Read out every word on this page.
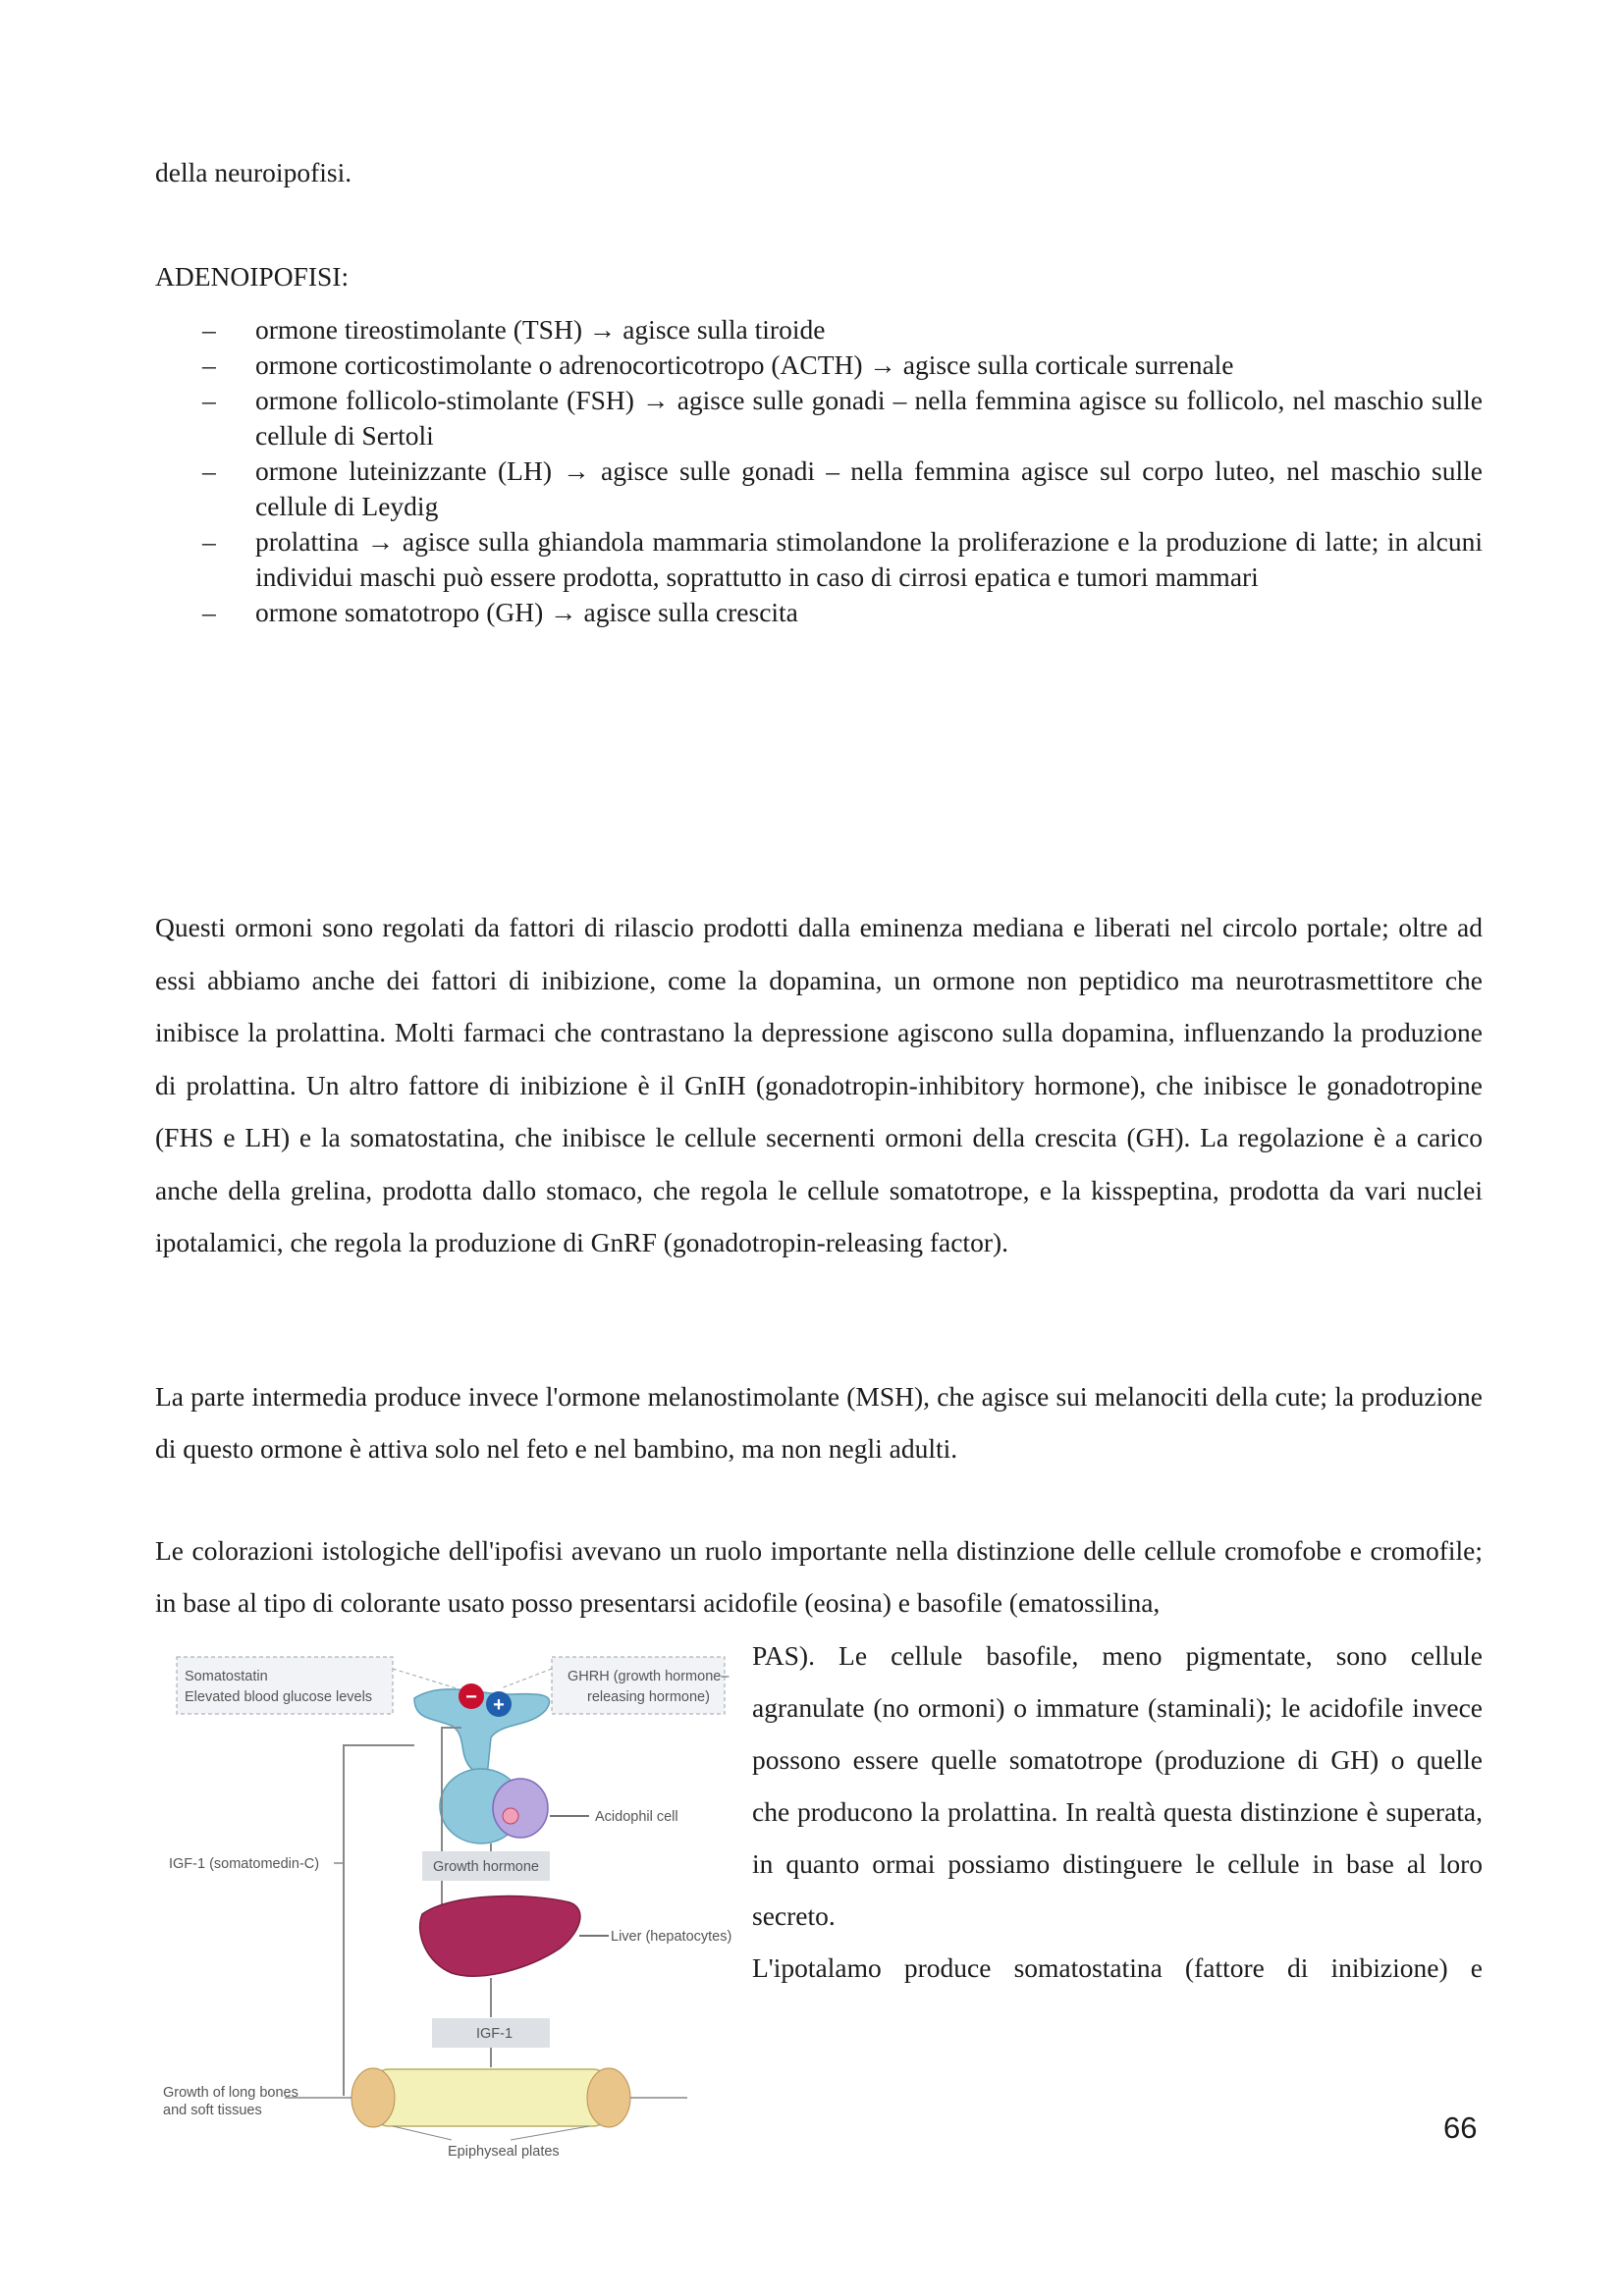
della neuroipofisi.

ADENOIPOFISI:

– ormone tireostimolante (TSH) → agisce sulla tiroide
– ormone corticostimolante o adrenocorticotropo (ACTH) → agisce sulla corticale surrenale
– ormone follicolo-stimolante (FSH) → agisce sulle gonadi – nella femmina agisce su follicolo, nel maschio sulle cellule di Sertoli
– ormone luteinizzante (LH) → agisce sulle gonadi – nella femmina agisce sul corpo luteo, nel maschio sulle cellule di Leydig
– prolattina → agisce sulla ghiandola mammaria stimolandone la proliferazione e la produzione di latte; in alcuni individui maschi può essere prodotta, soprattutto in caso di cirrosi epatica e tumori mammari
– ormone somatotropo (GH) → agisce sulla crescita

Questi ormoni sono regolati da fattori di rilascio prodotti dalla eminenza mediana e liberati nel circolo portale; oltre ad essi abbiamo anche dei fattori di inibizione, come la dopamina, un ormone non peptidico ma neurotrasmettitore che inibisce la prolattina. Molti farmaci che contrastano la depressione agiscono sulla dopamina, influenzando la produzione di prolattina. Un altro fattore di inibizione è il GnIH (gonadotropin-inhibitory hormone), che inibisce le gonadotropine (FHS e LH) e la somatostatina, che inibisce le cellule secernenti ormoni della crescita (GH). La regolazione è a carico anche della grelina, prodotta dallo stomaco, che regola le cellule somatotrope, e la kisspeptina, prodotta da vari nuclei ipotalamici, che regola la produzione di GnRF (gonadotropin-releasing factor).

La parte intermedia produce invece l'ormone melanostimolante (MSH), che agisce sui melanociti della cute; la produzione di questo ormone è attiva solo nel feto e nel bambino, ma non negli adulti.

Le colorazioni istologiche dell'ipofisi avevano un ruolo importante nella distinzione delle cellule cromofobe e cromofile; in base al tipo di colorante usato posso presentarsi acidofile (eosina) e basofile (ematossilina,

PAS). Le cellule basofile, meno pigmentate, sono cellule agranulate (no ormoni) o immature (staminali); le acidofile invece possono essere quelle somatotrope (produzione di GH) o quelle che producono la prolattina. In realtà questa distinzione è superata, in quanto ormai possiamo distinguere le cellule in base al loro secreto.

L'ipotalamo produce somatostatina (fattore di inibizione) e

66
Somatostatin
Elevated blood glucose levels
GHRH (growth hormone–
releasing hormone)
− +
Acidophil cell
IGF-1 (somatomedin-C)	Growth hormone
Liver (hepatocytes)
IGF-1
Growth of long bones
and soft tissues
Epiphyseal plates
